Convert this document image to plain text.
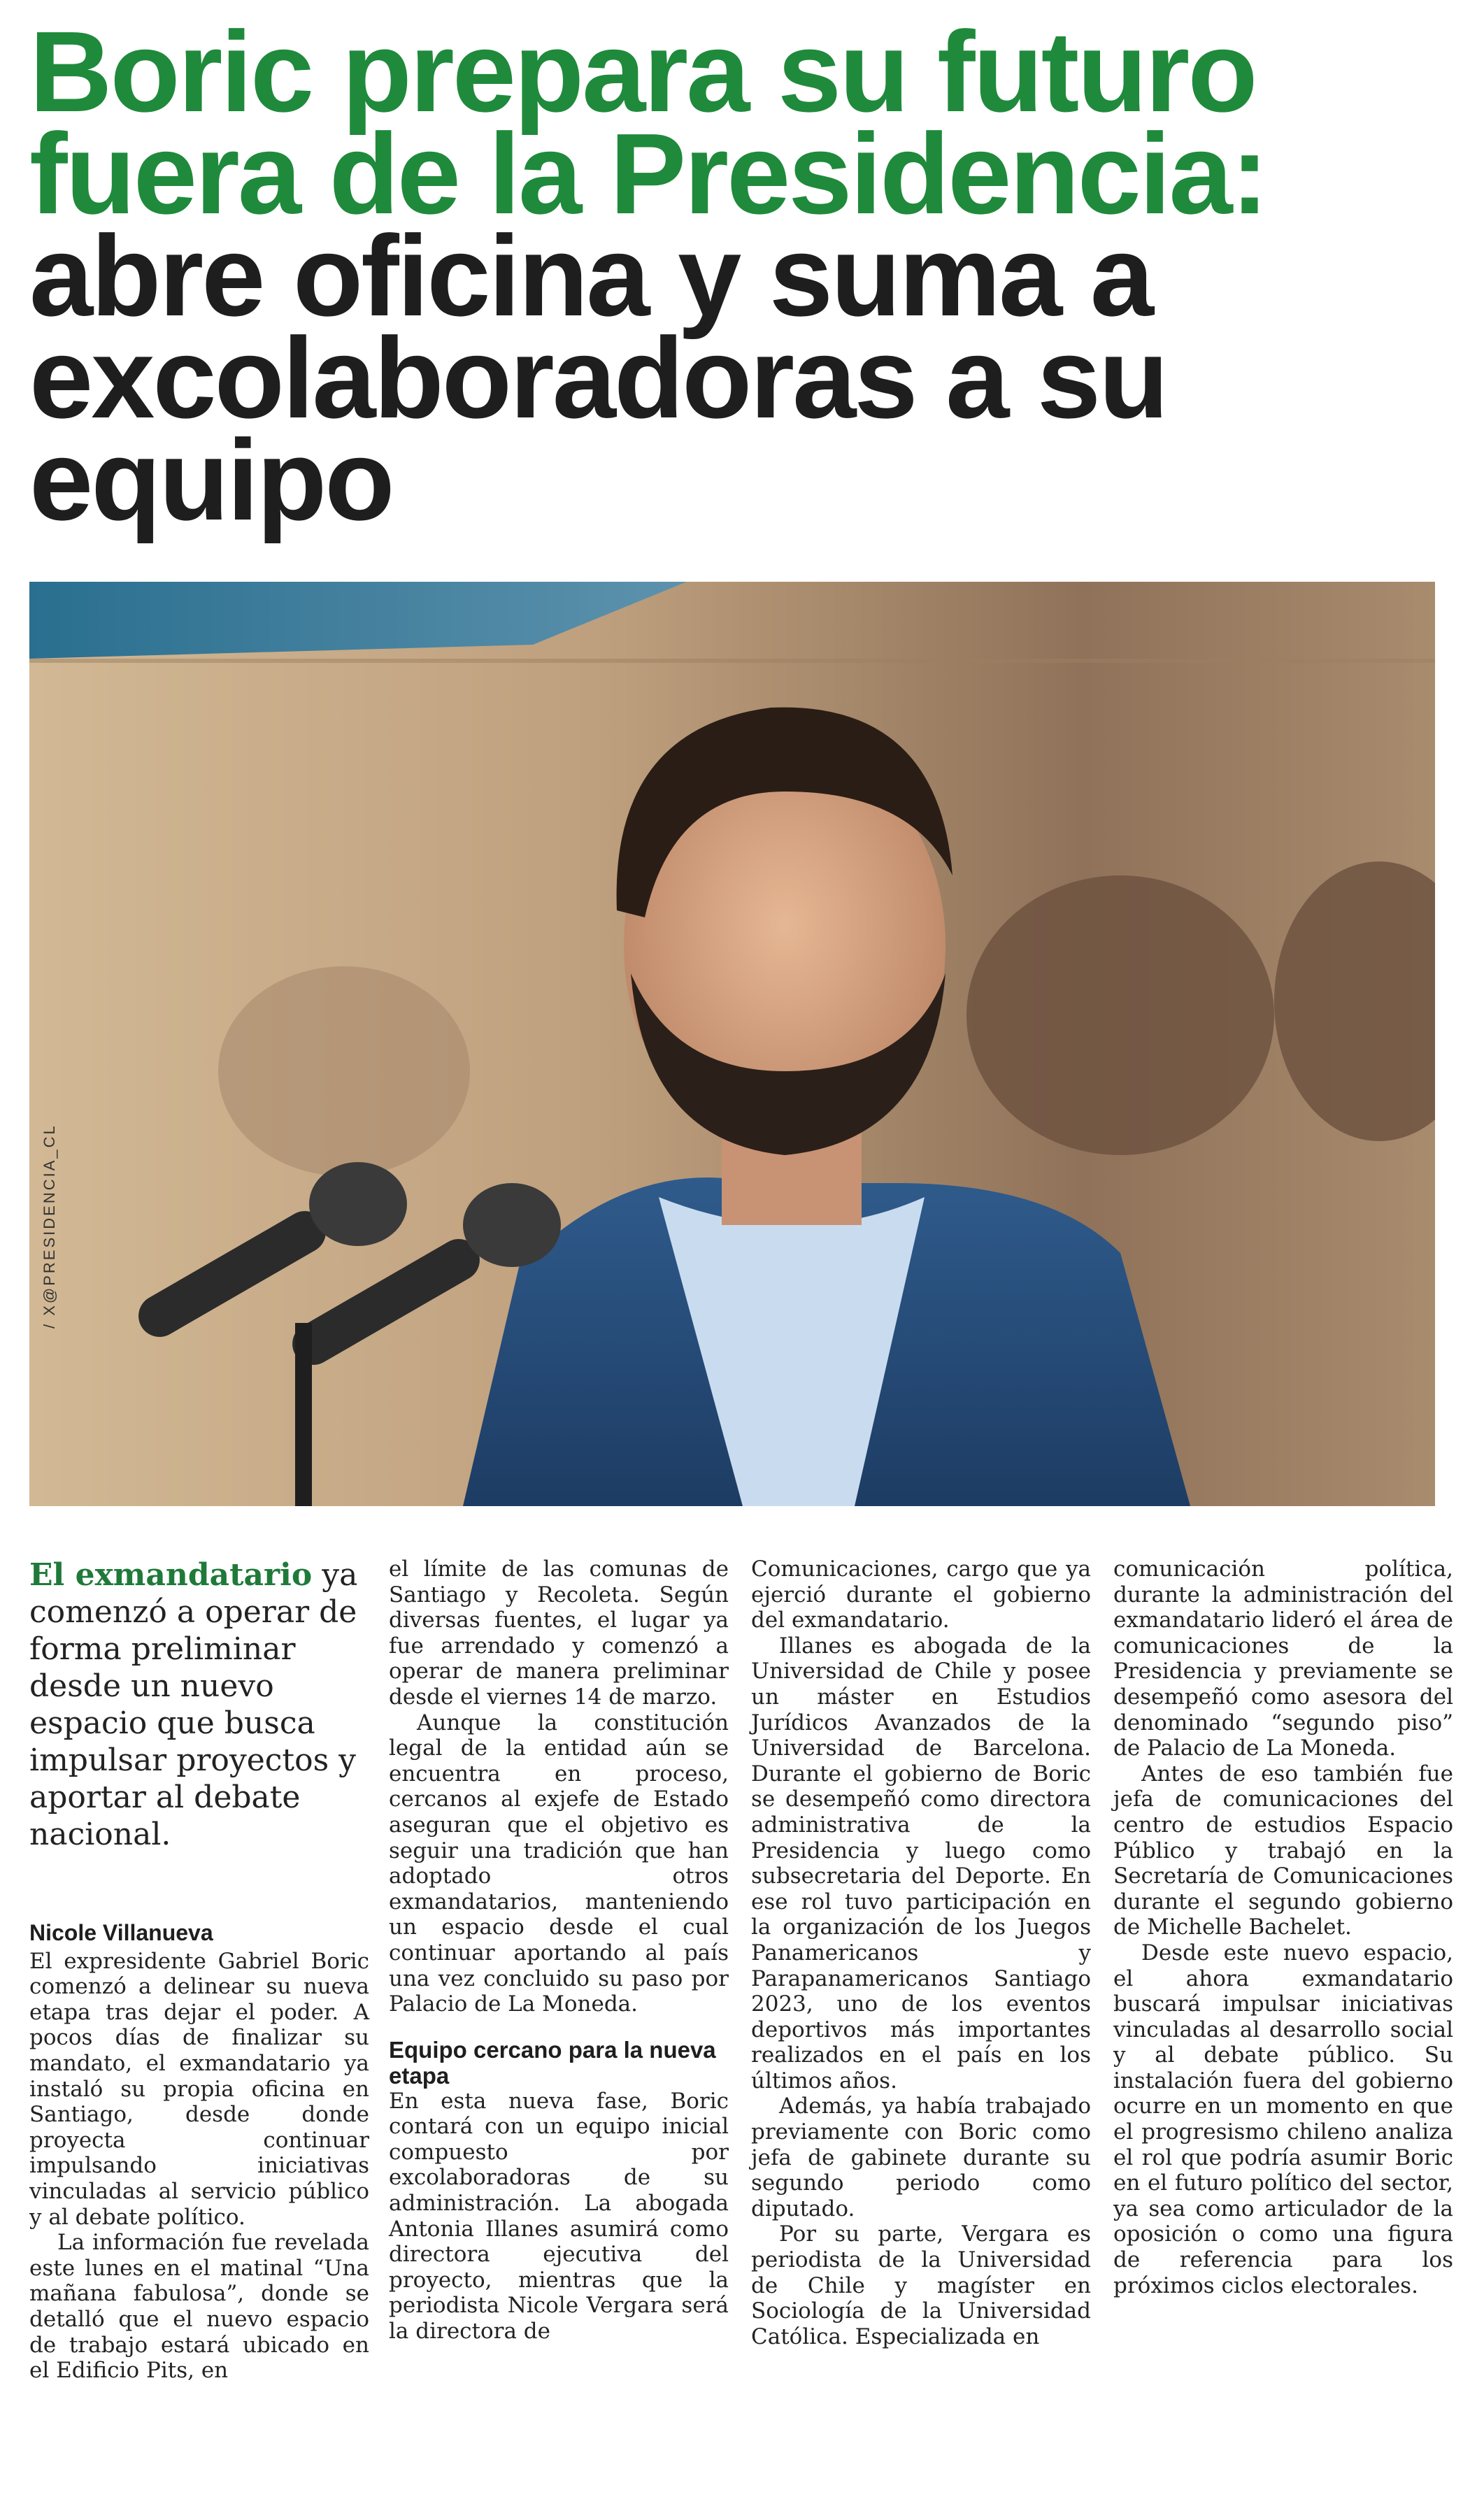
Boric prepara su futuro
fuera de la Presidencia:
abre oficina y suma a
excolaboradoras a su
equipo
/ X@PRESIDENCIA_CL

El exmandatario ya comenzó a operar de forma preliminar desde un nuevo espacio que busca impulsar proyectos y aportar al debate nacional.

Nicole Villanueva

El expresidente Gabriel Boric comenzó a delinear su nueva etapa tras dejar el poder. A pocos días de finalizar su mandato, el exmandatario ya instaló su propia oficina en Santiago, desde donde proyecta continuar impulsando iniciativas vinculadas al servicio público y al debate político.

La información fue revelada este lunes en el matinal “Una mañana fabulosa”, donde se detalló que el nuevo espacio de trabajo estará ubicado en el Edificio Pits, en

el límite de las comunas de Santiago y Recoleta. Según diversas fuentes, el lugar ya fue arrendado y comenzó a operar de manera preliminar desde el viernes 14 de marzo.

Aunque la constitución legal de la entidad aún se encuentra en proceso, cercanos al exjefe de Estado aseguran que el objetivo es seguir una tradición que han adoptado otros exmandatarios, manteniendo un espacio desde el cual continuar aportando al país una vez concluido su paso por Palacio de La Moneda.

Equipo cercano para la nueva etapa

En esta nueva fase, Boric contará con un equipo inicial compuesto por excolaboradoras de su administración. La abogada Antonia Illanes asumirá como directora ejecutiva del proyecto, mientras que la periodista Nicole Vergara será la directora de

Comunicaciones, cargo que ya ejerció durante el gobierno del exmandatario.

Illanes es abogada de la Universidad de Chile y posee un máster en Estudios Jurídicos Avanzados de la Universidad de Barcelona. Durante el gobierno de Boric se desempeñó como directora administrativa de la Presidencia y luego como subsecretaria del Deporte. En ese rol tuvo participación en la organización de los Juegos Panamericanos y Parapanamericanos Santiago 2023, uno de los eventos deportivos más importantes realizados en el país en los últimos años.

Además, ya había trabajado previamente con Boric como jefa de gabinete durante su segundo periodo como diputado.

Por su parte, Vergara es periodista de la Universidad de Chile y magíster en Sociología de la Universidad Católica. Especializada en

comunicación política, durante la administración del exmandatario lideró el área de comunicaciones de la Presidencia y previamente se desempeñó como asesora del denominado “segundo piso” de Palacio de La Moneda.

Antes de eso también fue jefa de comunicaciones del centro de estudios Espacio Público y trabajó en la Secretaría de Comunicaciones durante el segundo gobierno de Michelle Bachelet.

Desde este nuevo espacio, el ahora exmandatario buscará impulsar iniciativas vinculadas al desarrollo social y al debate público. Su instalación fuera del gobierno ocurre en un momento en que el progresismo chileno analiza el rol que podría asumir Boric en el futuro político del sector, ya sea como articulador de la oposición o como una figura de referencia para los próximos ciclos electorales.
